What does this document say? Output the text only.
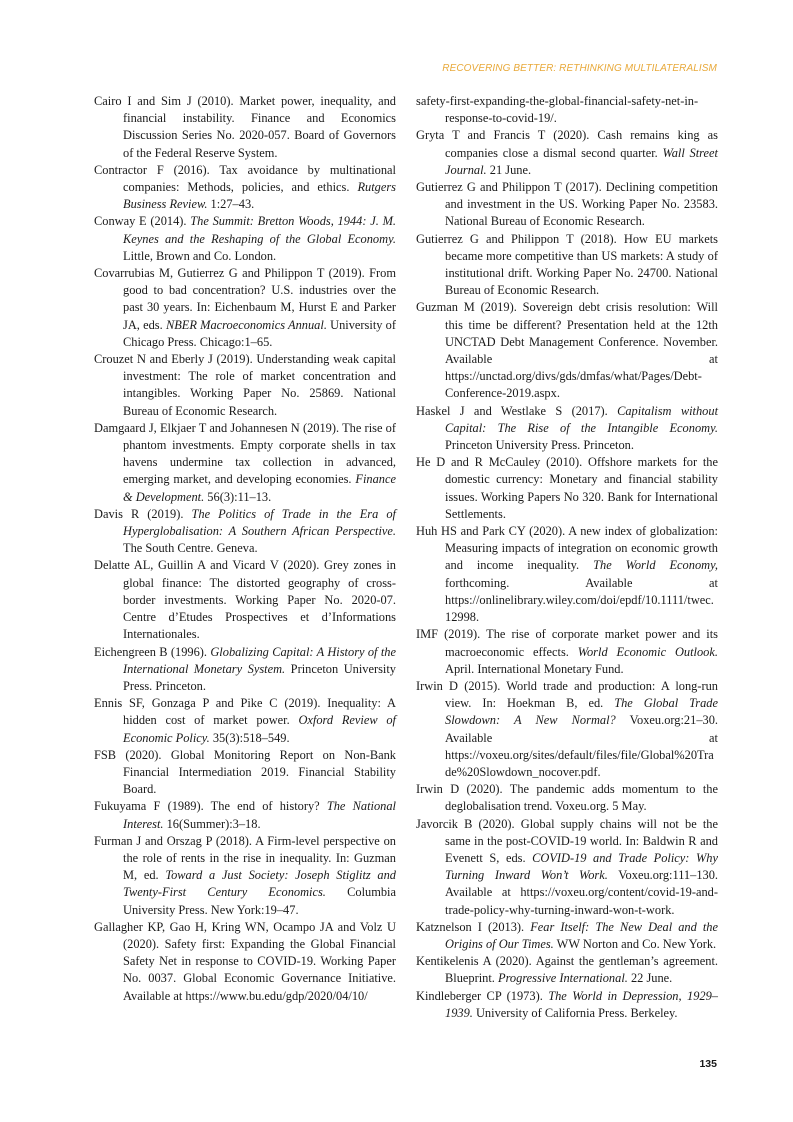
RECOVERING BETTER: RETHINKING MULTILATERALISM

Cairo I and Sim J (2010). Market power, inequality, and financial instability. Finance and Economics Discussion Series No. 2020-057. Board of Governors of the Federal Reserve System.

Contractor F (2016). Tax avoidance by multinational companies: Methods, policies, and ethics. Rutgers Business Review. 1:27–43.

Conway E (2014). The Summit: Bretton Woods, 1944: J. M. Keynes and the Reshaping of the Global Economy. Little, Brown and Co. London.

Covarrubias M, Gutierrez G and Philippon T (2019). From good to bad concentration? U.S. industries over the past 30 years. In: Eichenbaum M, Hurst E and Parker JA, eds. NBER Macroeconomics Annual. University of Chicago Press. Chicago:1–65.

Crouzet N and Eberly J (2019). Understanding weak capital investment: The role of market concentration and intangibles. Working Paper No. 25869. National Bureau of Economic Research.

Damgaard J, Elkjaer T and Johannesen N (2019). The rise of phantom investments. Empty corporate shells in tax havens undermine tax collection in advanced, emerging market, and developing economies. Finance & Development. 56(3):11–13.

Davis R (2019). The Politics of Trade in the Era of Hyperglobalisation: A Southern African Perspective. The South Centre. Geneva.

Delatte AL, Guillin A and Vicard V (2020). Grey zones in global finance: The distorted geography of cross-border investments. Working Paper No. 2020-07. Centre d’Etudes Prospectives et d’Informations Internationales.

Eichengreen B (1996). Globalizing Capital: A History of the International Monetary System. Princeton University Press. Princeton.

Ennis SF, Gonzaga P and Pike C (2019). Inequality: A hidden cost of market power. Oxford Review of Economic Policy. 35(3):518–549.

FSB (2020). Global Monitoring Report on Non-Bank Financial Intermediation 2019. Financial Stability Board.

Fukuyama F (1989). The end of history? The National Interest. 16(Summer):3–18.

Furman J and Orszag P (2018). A Firm-level perspective on the role of rents in the rise in inequality. In: Guzman M, ed. Toward a Just Society: Joseph Stiglitz and Twenty-First Century Economics. Columbia University Press. New York:19–47.

Gallagher KP, Gao H, Kring WN, Ocampo JA and Volz U (2020). Safety first: Expanding the Global Financial Safety Net in response to COVID-19. Working Paper No. 0037. Global Economic Governance Initiative. Available at https://www.bu.edu/gdp/2020/04/10/

safety-first-expanding-the-global-financial-safety-net-in-response-to-covid-19/.

Gryta T and Francis T (2020). Cash remains king as companies close a dismal second quarter. Wall Street Journal. 21 June.

Gutierrez G and Philippon T (2017). Declining competition and investment in the US. Working Paper No. 23583. National Bureau of Economic Research.

Gutierrez G and Philippon T (2018). How EU markets became more competitive than US markets: A study of institutional drift. Working Paper No. 24700. National Bureau of Economic Research.

Guzman M (2019). Sovereign debt crisis resolution: Will this time be different? Presentation held at the 12th UNCTAD Debt Management Conference. November. Available at https://unctad.org/divs/gds/dmfas/what/Pages/Debt-Conference-2019.aspx.

Haskel J and Westlake S (2017). Capitalism without Capital: The Rise of the Intangible Economy. Princeton University Press. Princeton.

He D and R McCauley (2010). Offshore markets for the domestic currency: Monetary and financial stability issues. Working Papers No 320. Bank for International Settlements.

Huh HS and Park CY (2020). A new index of globalization: Measuring impacts of integration on economic growth and income inequality. The World Economy, forthcoming. Available at https://onlinelibrary.wiley.com/doi/epdf/10.1111/twec.12998.

IMF (2019). The rise of corporate market power and its macroeconomic effects. World Economic Outlook. April. International Monetary Fund.

Irwin D (2015). World trade and production: A long-run view. In: Hoekman B, ed. The Global Trade Slowdown: A New Normal? Voxeu.org:21–30. Available at https://voxeu.org/sites/default/files/file/Global%20Trade%20Slowdown_nocover.pdf.

Irwin D (2020). The pandemic adds momentum to the deglobalisation trend. Voxeu.org. 5 May.

Javorcik B (2020). Global supply chains will not be the same in the post-COVID-19 world. In: Baldwin R and Evenett S, eds. COVID-19 and Trade Policy: Why Turning Inward Won’t Work. Voxeu.org:111–130. Available at https://voxeu.org/content/covid-19-and-trade-policy-why-turning-inward-won-t-work.

Katznelson I (2013). Fear Itself: The New Deal and the Origins of Our Times. WW Norton and Co. New York.

Kentikelenis A (2020). Against the gentleman’s agreement. Blueprint. Progressive International. 22 June.

Kindleberger CP (1973). The World in Depression, 1929–1939. University of California Press. Berkeley.

135
